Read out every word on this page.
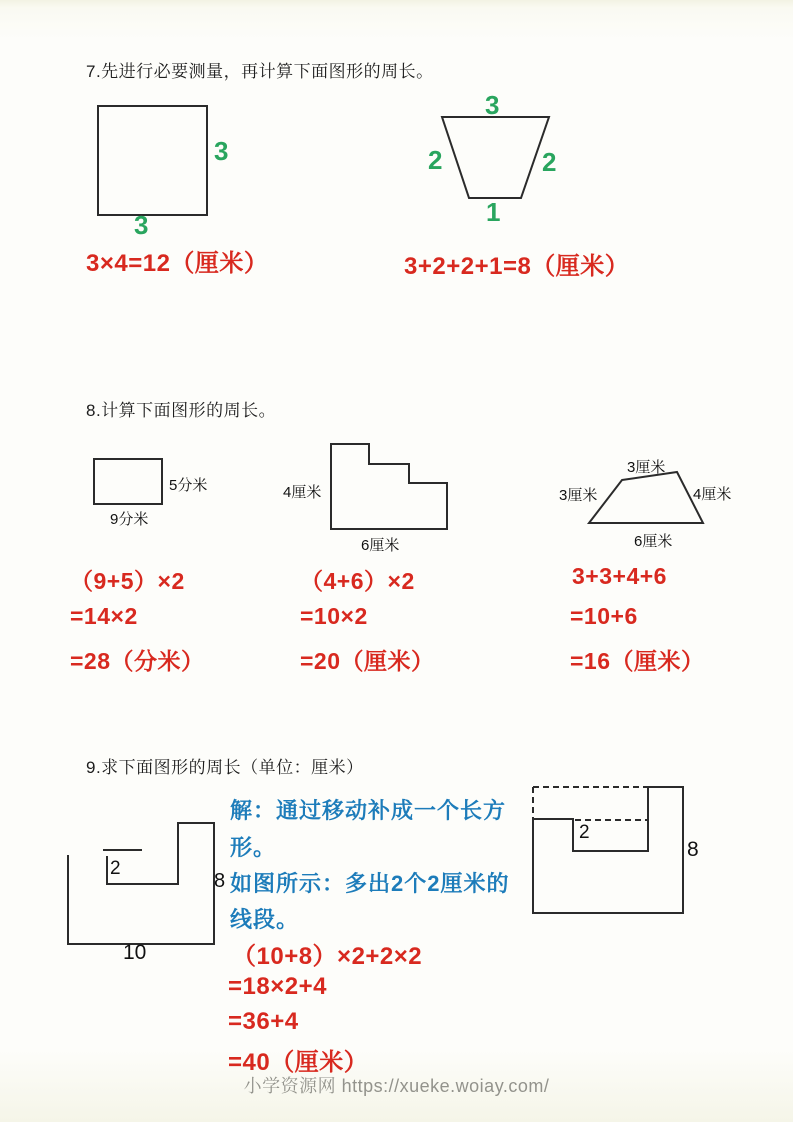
7.先进行必要测量，再计算下面图形的周长。
3
3
3
2	2
1
3×4=12（厘米）	3+2+2+1=8（厘米）
8.计算下面图形的周长。
5分米
9分米
4厘米
6厘米
3厘米
3厘米	4厘米
6厘米
（9+5）×2
=14×2
=28（分米）
（4+6）×2
=10×2
=20（厘米）
3+3+4+6
=10+6
=16（厘米）
9.求下面图形的周长（单位：厘米）
2
8
10
解：通过移动补成一个长方
形。
如图所示：多出2个2厘米的
线段。
（10+8）×2+2×2
=18×2+4
=36+4
=40（厘米）
2
8
小学资源网 https://xueke.woiay.com/
